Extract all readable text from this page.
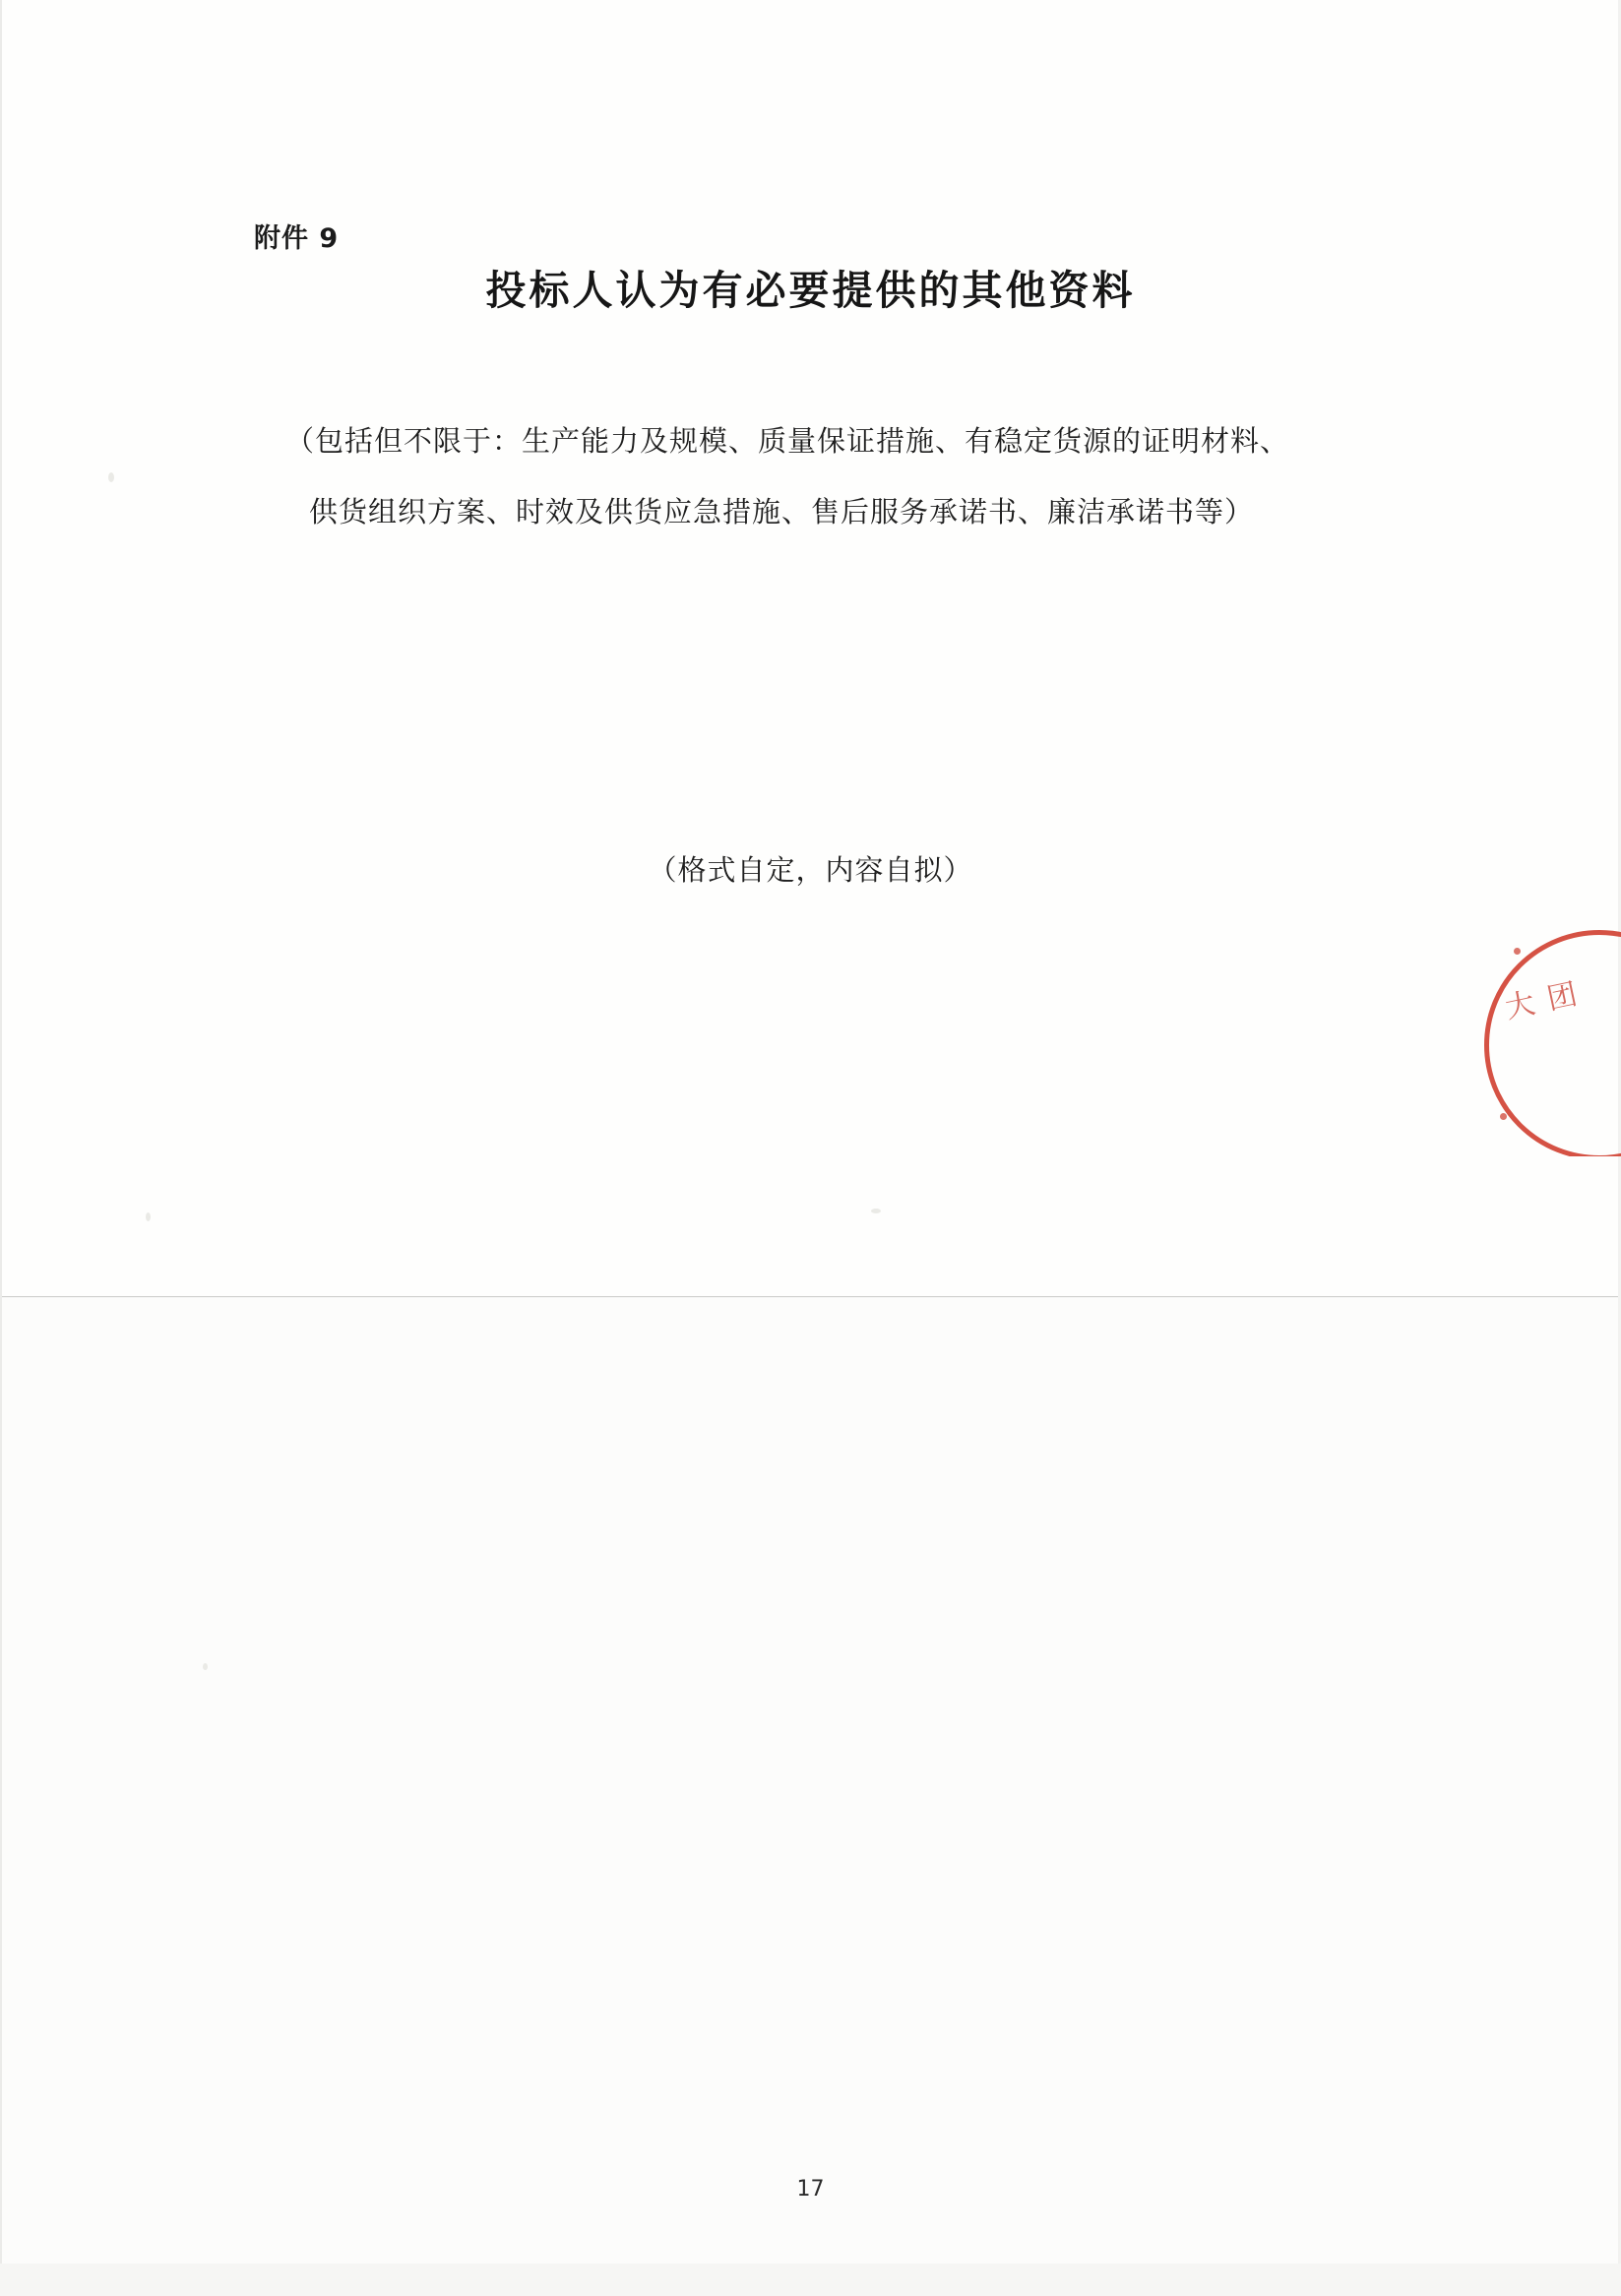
附件 9
投标人认为有必要提供的其他资料
（包括但不限于：生产能力及规模、质量保证措施、有稳定货源的证明材料、
供货组织方案、时效及供货应急措施、售后服务承诺书、廉洁承诺书等）
（格式自定，内容自拟）
大 团
17
